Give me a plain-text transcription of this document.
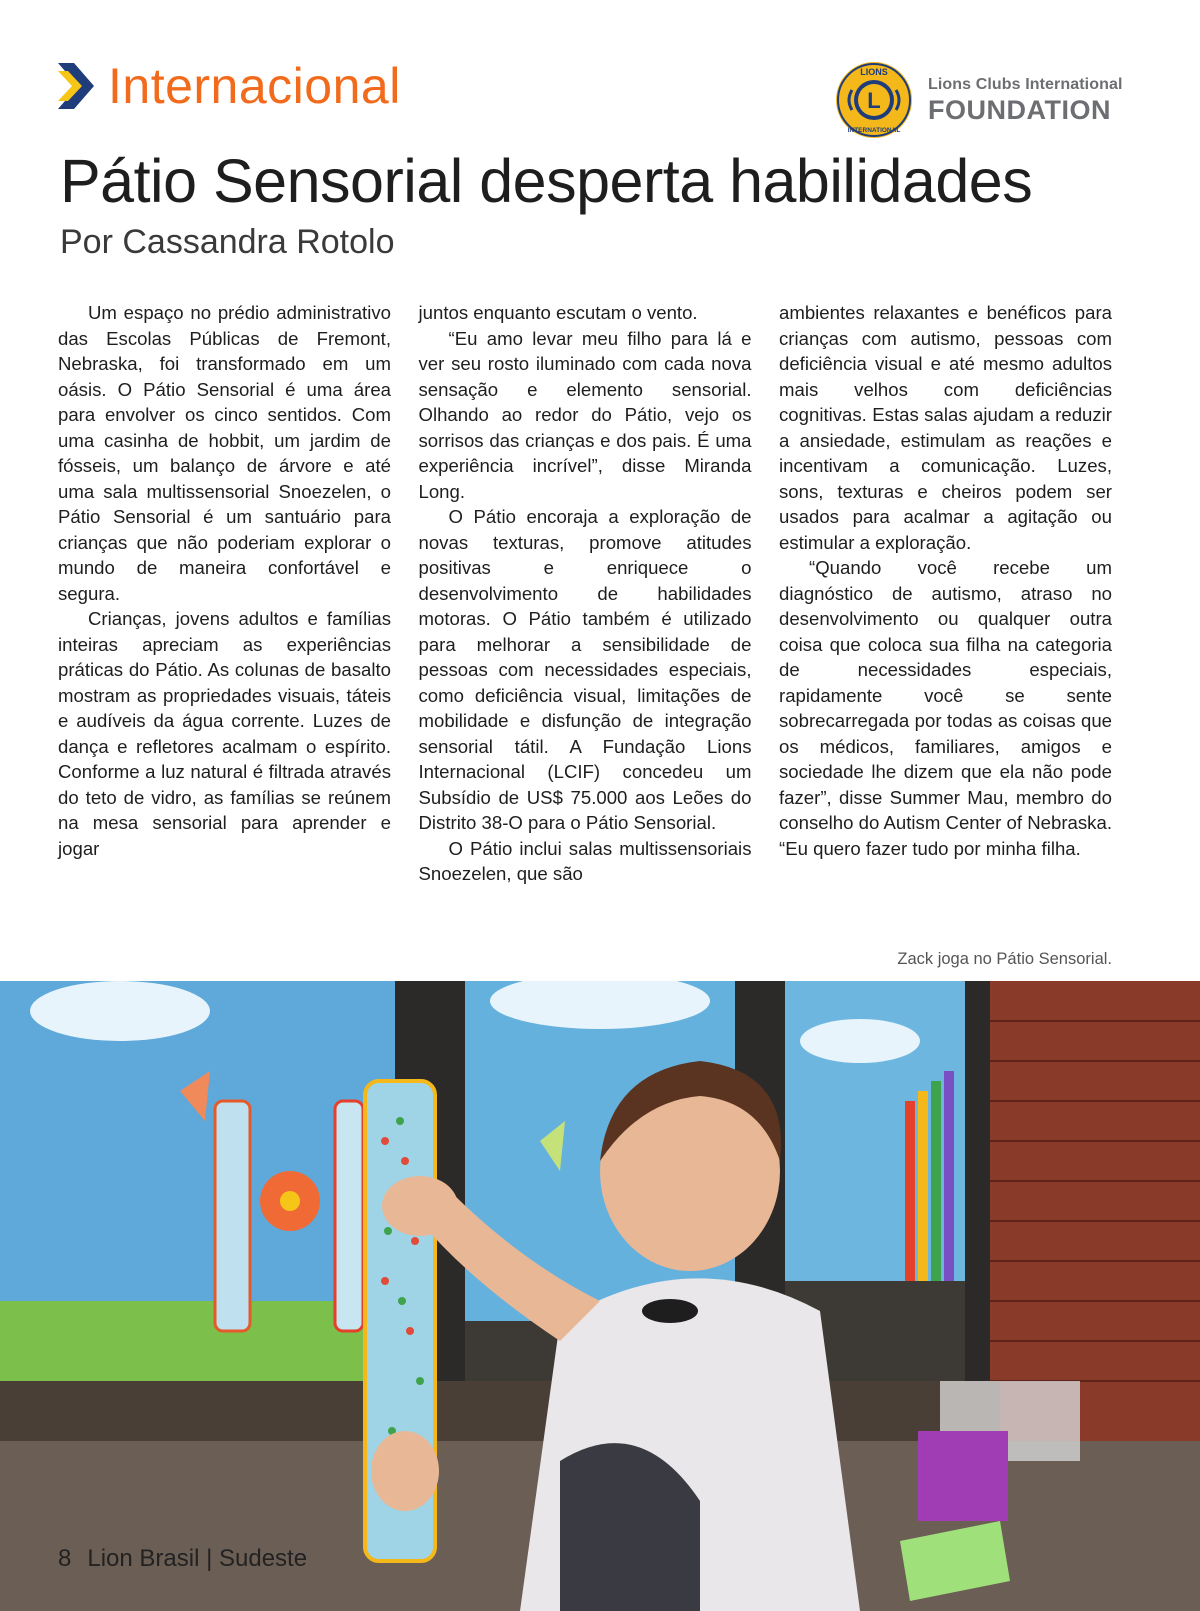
Internacional	L
LIONS
INTERNATIONAL
Lions Clubs International
FOUNDATION
Pátio Sensorial desperta habilidades

Por Cassandra Rotolo

Um espaço no prédio administrativo das Escolas Públicas de Fremont, Nebraska, foi transformado em um oásis. O Pátio Sensorial é uma área para envolver os cinco sentidos. Com uma casinha de hobbit, um jardim de fósseis, um balanço de árvore e até uma sala multissensorial Snoezelen, o Pátio Sensorial é um santuário para crianças que não poderiam explorar o mundo de maneira confortável e segura.

Crianças, jovens adultos e famílias inteiras apreciam as experiências práticas do Pátio. As colunas de basalto mostram as propriedades visuais, táteis e audíveis da água corrente. Luzes de dança e refletores acalmam o espírito. Conforme a luz natural é filtrada através do teto de vidro, as famílias se reúnem na mesa sensorial para aprender e jogar

juntos enquanto escutam o vento.

“Eu amo levar meu filho para lá e ver seu rosto iluminado com cada nova sensação e elemento sensorial. Olhando ao redor do Pátio, vejo os sorrisos das crianças e dos pais. É uma experiência incrível”, disse Miranda Long.

O Pátio encoraja a exploração de novas texturas, promove atitudes positivas e enriquece o desenvolvimento de habilidades motoras. O Pátio também é utilizado para melhorar a sensibilidade de pessoas com necessidades especiais, como deficiência visual, limitações de mobilidade e disfunção de integração sensorial tátil. A Fundação Lions Internacional (LCIF) concedeu um Subsídio de US$ 75.000 aos Leões do Distrito 38-O para o Pátio Sensorial.

O Pátio inclui salas multissensoriais Snoezelen, que são

ambientes relaxantes e benéficos para crianças com autismo, pessoas com deficiência visual e até mesmo adultos mais velhos com deficiências cognitivas. Estas salas ajudam a reduzir a ansiedade, estimulam as reações e incentivam a comunicação. Luzes, sons, texturas e cheiros podem ser usados para acalmar a agitação ou estimular a exploração.

“Quando você recebe um diagnóstico de autismo, atraso no desenvolvimento ou qualquer outra coisa que coloca sua filha na categoria de necessidades especiais, rapidamente você se sente sobrecarregada por todas as coisas que os médicos, familiares, amigos e sociedade lhe dizem que ela não pode fazer”, disse Summer Mau, membro do conselho do Autism Center of Nebraska. “Eu quero fazer tudo por minha filha.

Zack joga no Pátio Sensorial.
8 Lion Brasil | Sudeste
